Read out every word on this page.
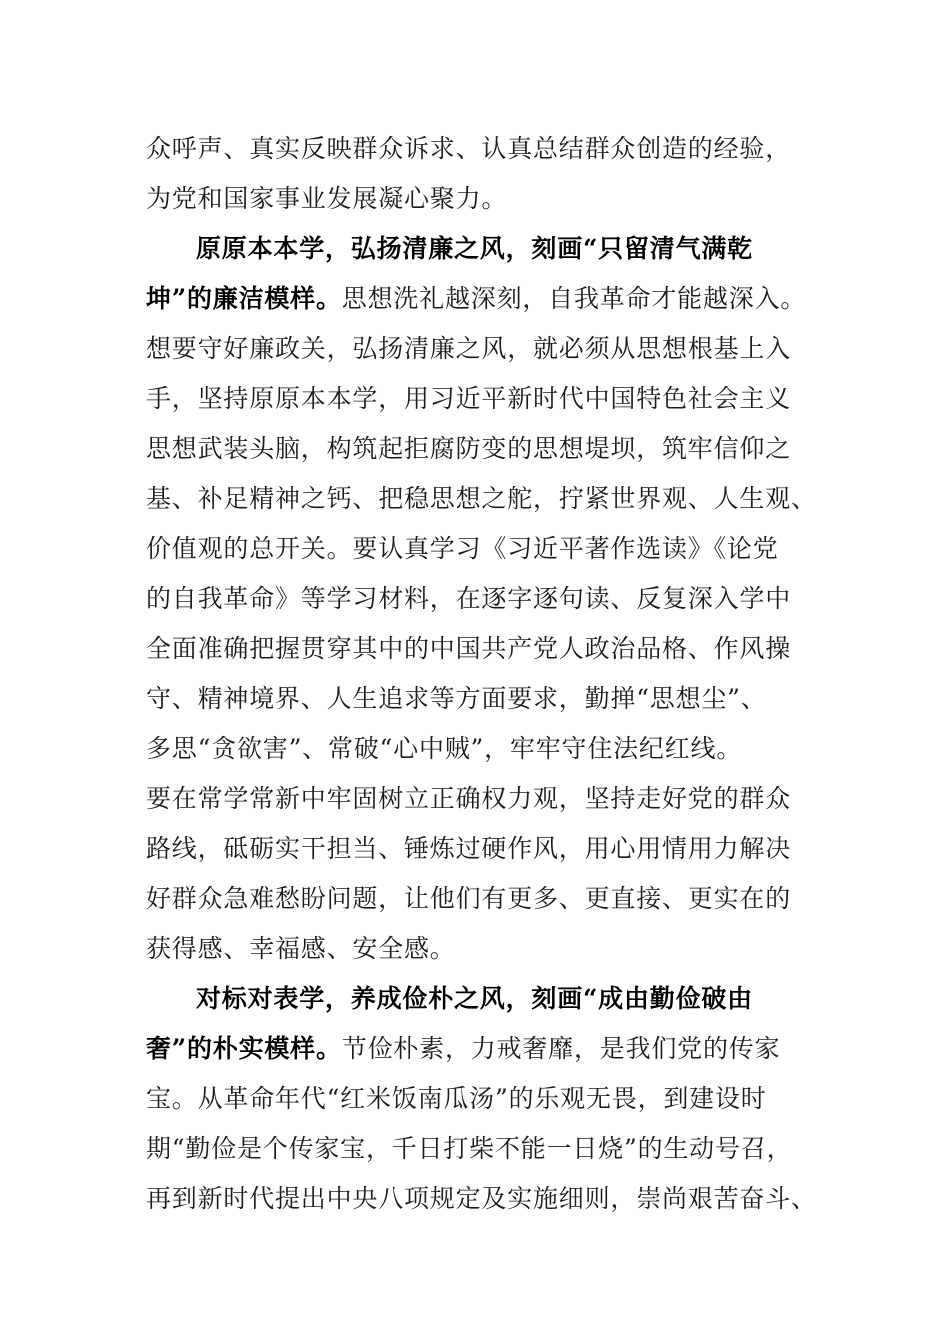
众呼声、真实反映群众诉求、认真总结群众创造的经验，
为党和国家事业发展凝心聚力。
原原本本学，弘扬清廉之风，刻画“只留清气满乾
坤”的廉洁模样。思想洗礼越深刻，自我革命才能越深入。
想要守好廉政关，弘扬清廉之风，就必须从思想根基上入
手，坚持原原本本学，用习近平新时代中国特色社会主义
思想武装头脑，构筑起拒腐防变的思想堤坝，筑牢信仰之
基、补足精神之钙、把稳思想之舵，拧紧世界观、人生观、
价值观的总开关。要认真学习《习近平著作选读》《论党
的自我革命》等学习材料，在逐字逐句读、反复深入学中
全面准确把握贯穿其中的中国共产党人政治品格、作风操
守、精神境界、人生追求等方面要求，勤掸“思想尘”、
多思“贪欲害”、常破“心中贼”，牢牢守住法纪红线。
要在常学常新中牢固树立正确权力观，坚持走好党的群众
路线，砥砺实干担当、锤炼过硬作风，用心用情用力解决
好群众急难愁盼问题，让他们有更多、更直接、更实在的
获得感、幸福感、安全感。
对标对表学，养成俭朴之风，刻画“成由勤俭破由
奢”的朴实模样。节俭朴素，力戒奢靡，是我们党的传家
宝。从革命年代“红米饭南瓜汤”的乐观无畏，到建设时
期“勤俭是个传家宝，千日打柴不能一日烧”的生动号召，
再到新时代提出中央八项规定及实施细则，崇尚艰苦奋斗、
